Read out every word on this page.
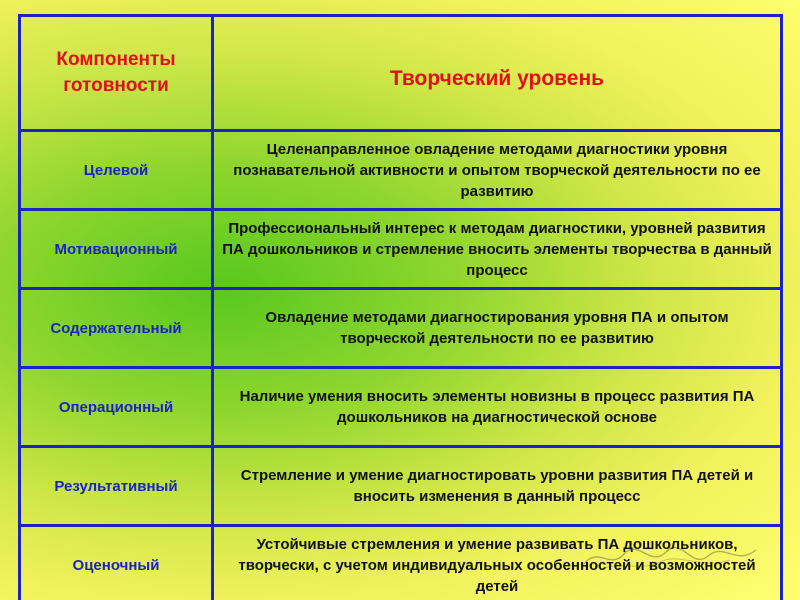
Компоненты готовности	Творческий уровень
Целевой	Целенаправленное овладение методами диагностики уровня познавательной активности и опытом творческой деятельности по ее развитию
Мотивационный	Профессиональный интерес к методам диагностики, уровней развития ПА дошкольников и стремление вносить элементы творчества в данный процесс
Содержательный	Овладение методами диагностирования уровня ПА и опытом творческой деятельности по ее развитию
Операционный	Наличие умения вносить элементы новизны в процесс развития ПА дошкольников на диагностической основе
Результативный	Стремление и умение диагностировать уровни развития ПА детей и вносить изменения в данный процесс
Оценочный	Устойчивые стремления и умение развивать ПА дошкольников, творчески, с учетом индивидуальных особенностей и возможностей детей
